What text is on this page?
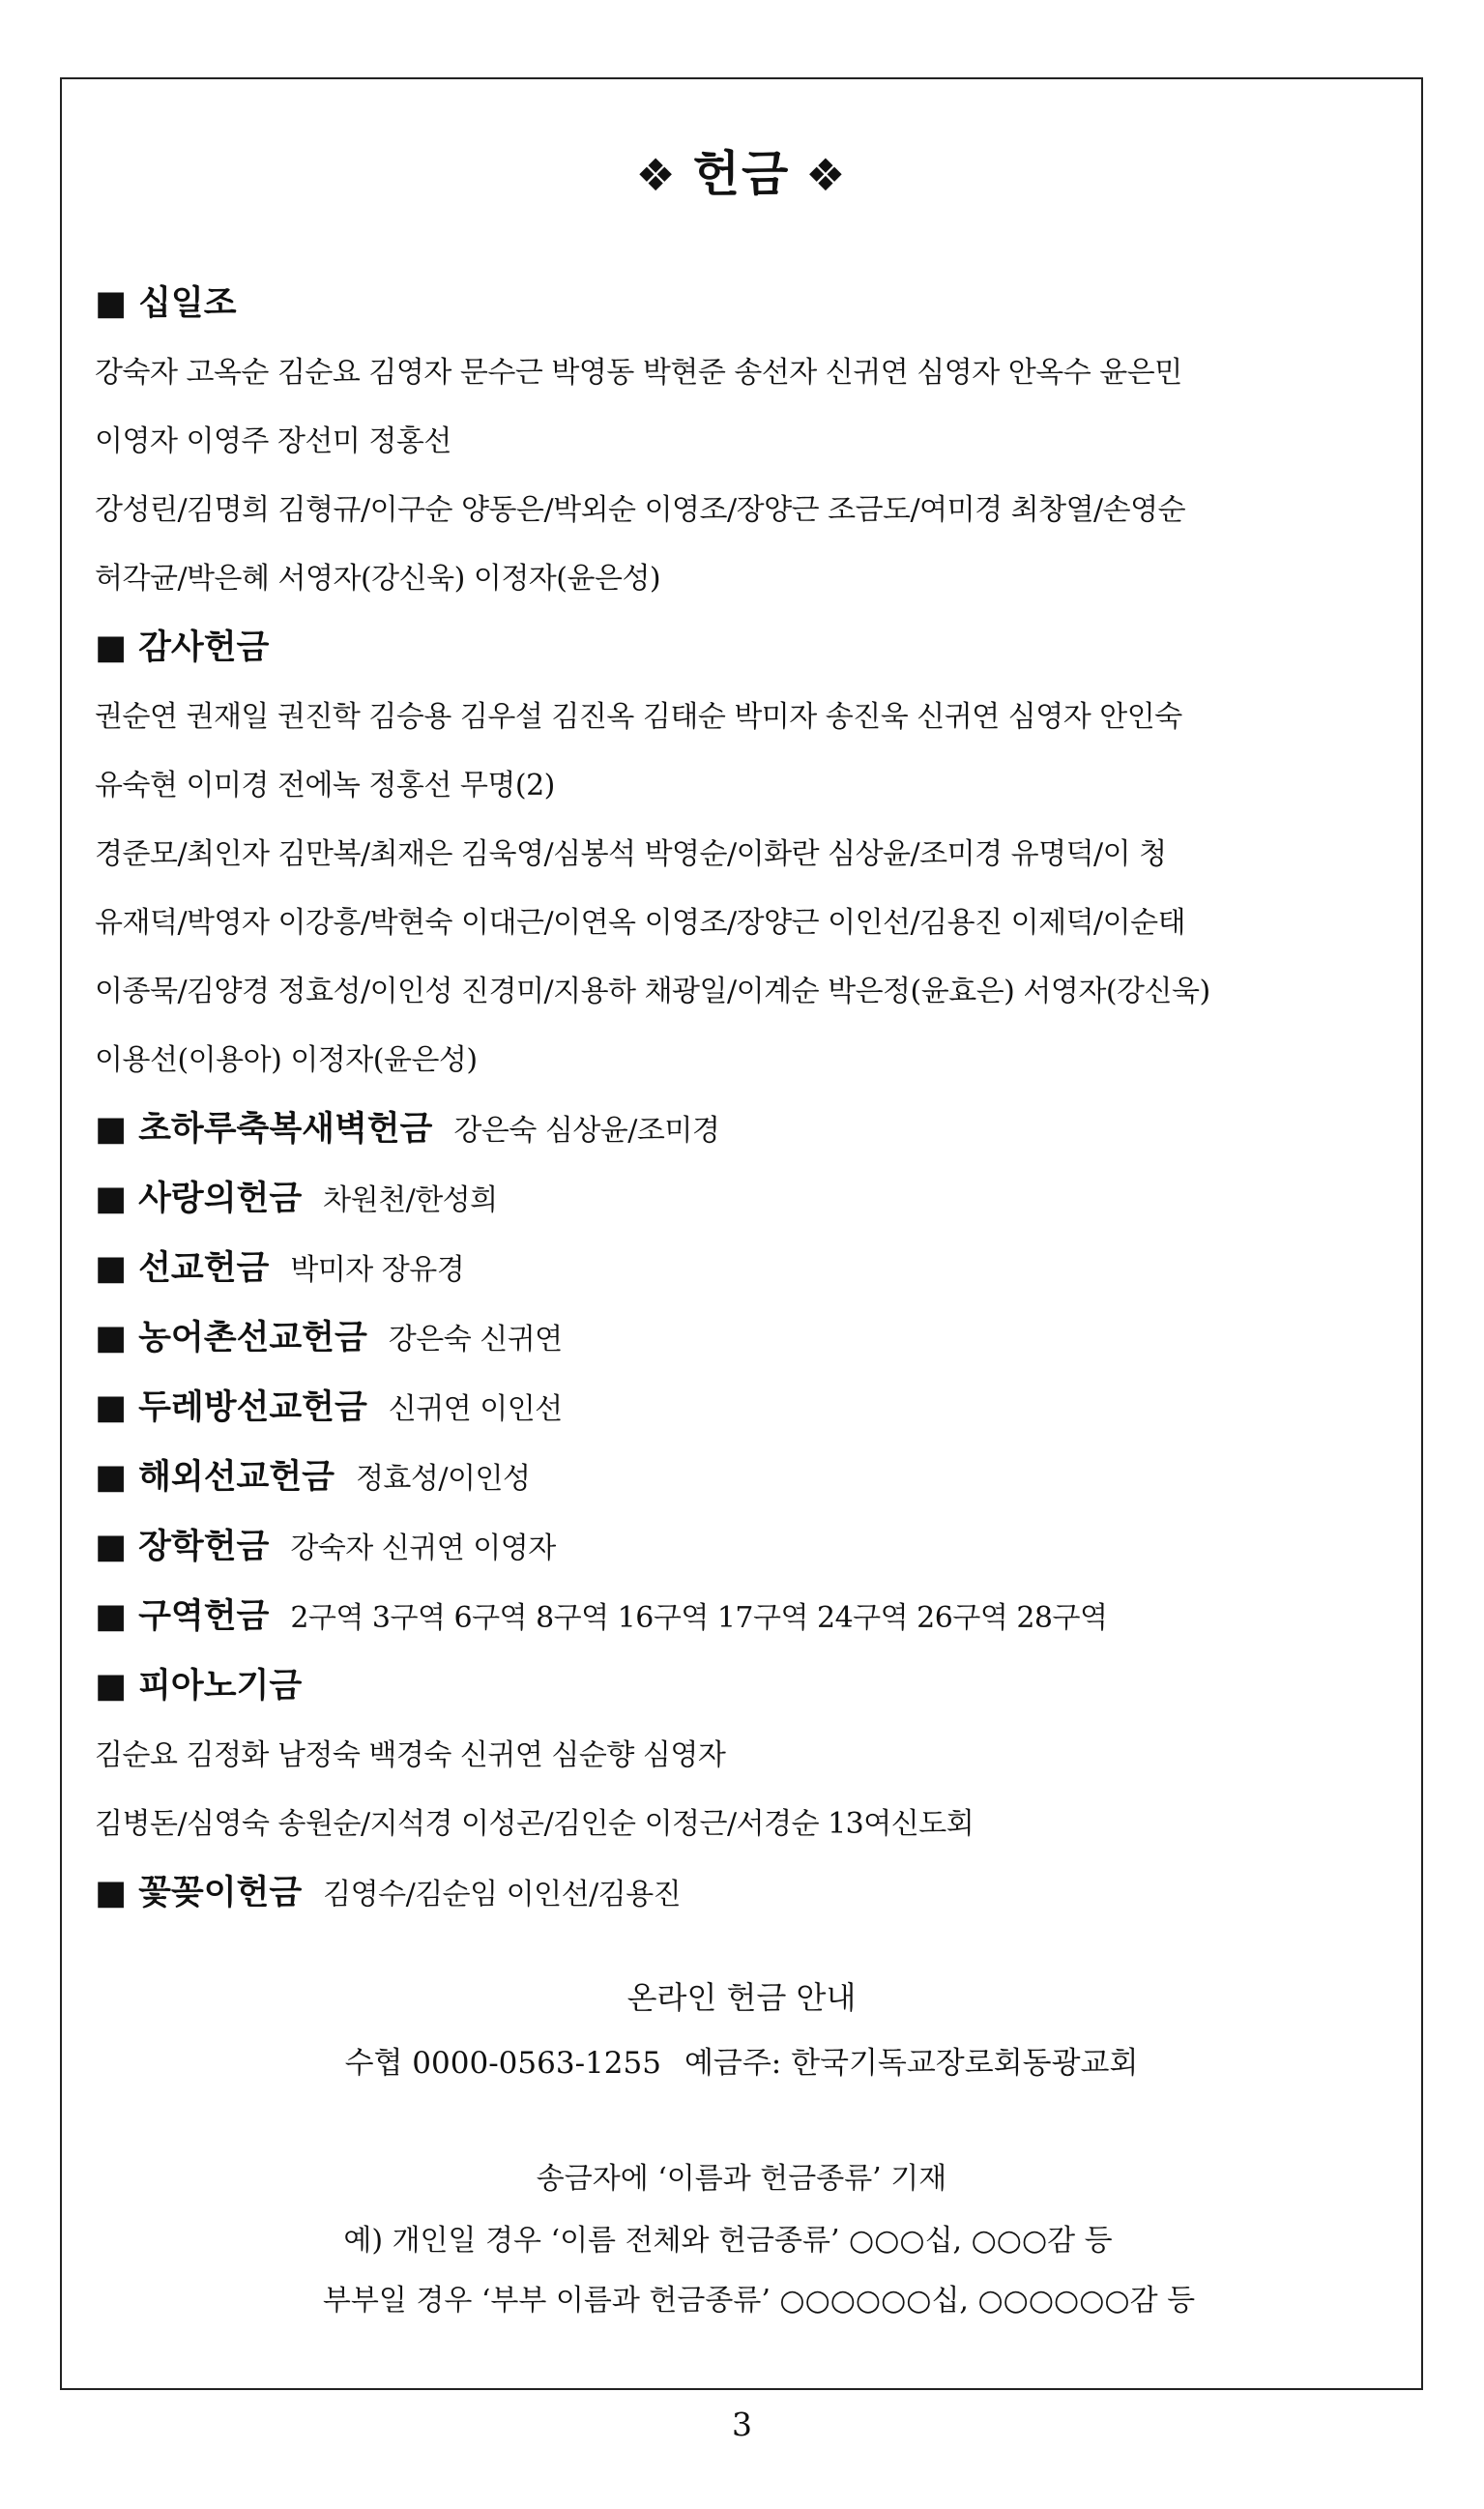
❖ 헌금 ❖
■ 십일조
강숙자 고옥순 김순요 김영자 문수근 박영동 박현준 송선자 신귀연 심영자 안옥수 윤은민
이영자 이영주 장선미 정홍선
강성린/김명희 김형규/이구순 양동은/박외순 이영조/장양근 조금도/여미경 최창열/손영순
허각균/박은혜 서영자(강신욱) 이정자(윤은성)
■ 감사헌금
권순연 권재일 권진학 김승용 김우설 김진옥 김태순 박미자 송진욱 신귀연 심영자 안인숙
유숙현 이미경 전에녹 정홍선 무명(2)
경준모/최인자 김만복/최재은 김욱영/심봉석 박영순/이화란 심상윤/조미경 유명덕/이 청
유재덕/박영자 이강흥/박현숙 이대근/이연옥 이영조/장양근 이인선/김용진 이제덕/이순태
이종묵/김양경 정효성/이인성 진경미/지용하 채광일/이계순 박은정(윤효은) 서영자(강신욱)
이용선(이용아) 이정자(윤은성)
■ 초하루축복새벽헌금 강은숙 심상윤/조미경
■ 사랑의헌금 차원천/한성희
■ 선교헌금 박미자 장유경
■ 농어촌선교헌금 강은숙 신귀연
■ 두레방선교헌금 신귀연 이인선
■ 해외선교헌금 정효성/이인성
■ 장학헌금 강숙자 신귀연 이영자
■ 구역헌금 2구역 3구역 6구역 8구역 16구역 17구역 24구역 26구역 28구역
■ 피아노기금
김순요 김정화 남정숙 백경숙 신귀연 심순향 심영자
김병돈/심영숙 송원순/지석경 이성곤/김인순 이정근/서경순 13여신도회
■ 꽃꽂이헌금 김영수/김순임 이인선/김용진
온라인 헌금 안내
수협 0000-0563-1255 예금주: 한국기독교장로회동광교회
송금자에 ‘이름과 헌금종류’ 기재
예) 개인일 경우 ‘이름 전체와 헌금종류’ ○○○십, ○○○감 등
부부일 경우 ‘부부 이름과 헌금종류’ ○○○○○○십, ○○○○○○감 등
3
